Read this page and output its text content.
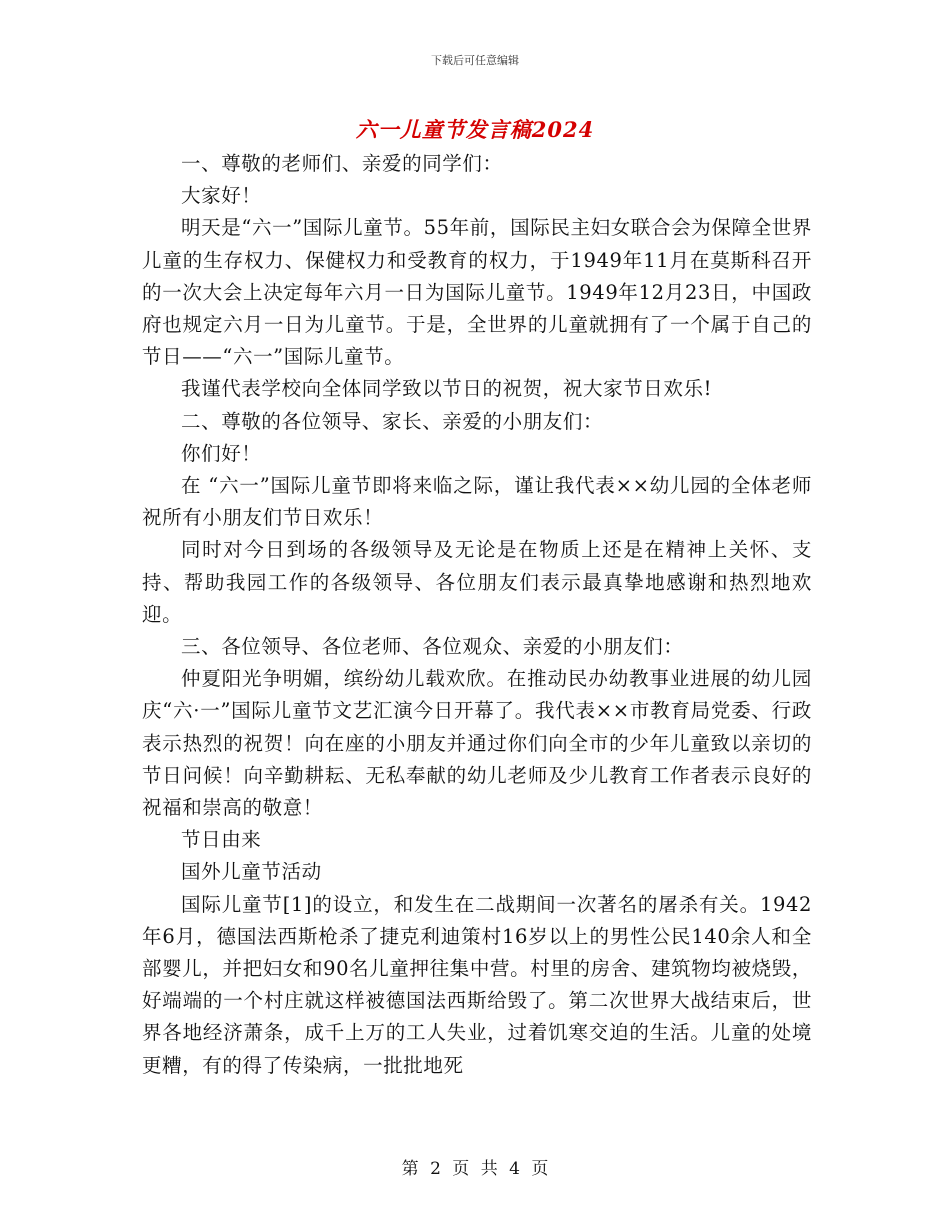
下载后可任意编辑
六一儿童节发言稿2024

一、尊敬的老师们、亲爱的同学们：

大家好！

明天是“六一”国际儿童节。55年前，国际民主妇女联合会为保障全世界儿童的生存权力、保健权力和受教育的权力，于1949年11月在莫斯科召开的一次大会上决定每年六月一日为国际儿童节。1949年12月23日，中国政府也规定六月一日为儿童节。于是，全世界的儿童就拥有了一个属于自己的节日——“六一”国际儿童节。

我谨代表学校向全体同学致以节日的祝贺，祝大家节日欢乐!

二、尊敬的各位领导、家长、亲爱的小朋友们：

你们好！

在 “六一”国际儿童节即将来临之际，谨让我代表××幼儿园的全体老师祝所有小朋友们节日欢乐！

同时对今日到场的各级领导及无论是在物质上还是在精神上关怀、支持、帮助我园工作的各级领导、各位朋友们表示最真挚地感谢和热烈地欢迎。

三、各位领导、各位老师、各位观众、亲爱的小朋友们：

仲夏阳光争明媚，缤纷幼儿载欢欣。在推动民办幼教事业进展的幼儿园庆“六·一”国际儿童节文艺汇演今日开幕了。我代表××市教育局党委、行政表示热烈的祝贺！向在座的小朋友并通过你们向全市的少年儿童致以亲切的节日问候！向辛勤耕耘、无私奉献的幼儿老师及少儿教育工作者表示良好的祝福和崇高的敬意！

节日由来

国外儿童节活动

国际儿童节[1]的设立，和发生在二战期间一次著名的屠杀有关。1942年6月，德国法西斯枪杀了捷克利迪策村16岁以上的男性公民140余人和全部婴儿，并把妇女和90名儿童押往集中营。村里的房舍、建筑物均被烧毁，好端端的一个村庄就这样被德国法西斯给毁了。第二次世界大战结束后，世界各地经济萧条，成千上万的工人失业，过着饥寒交迫的生活。儿童的处境更糟，有的得了传染病，一批批地死

第 2 页 共 4 页
